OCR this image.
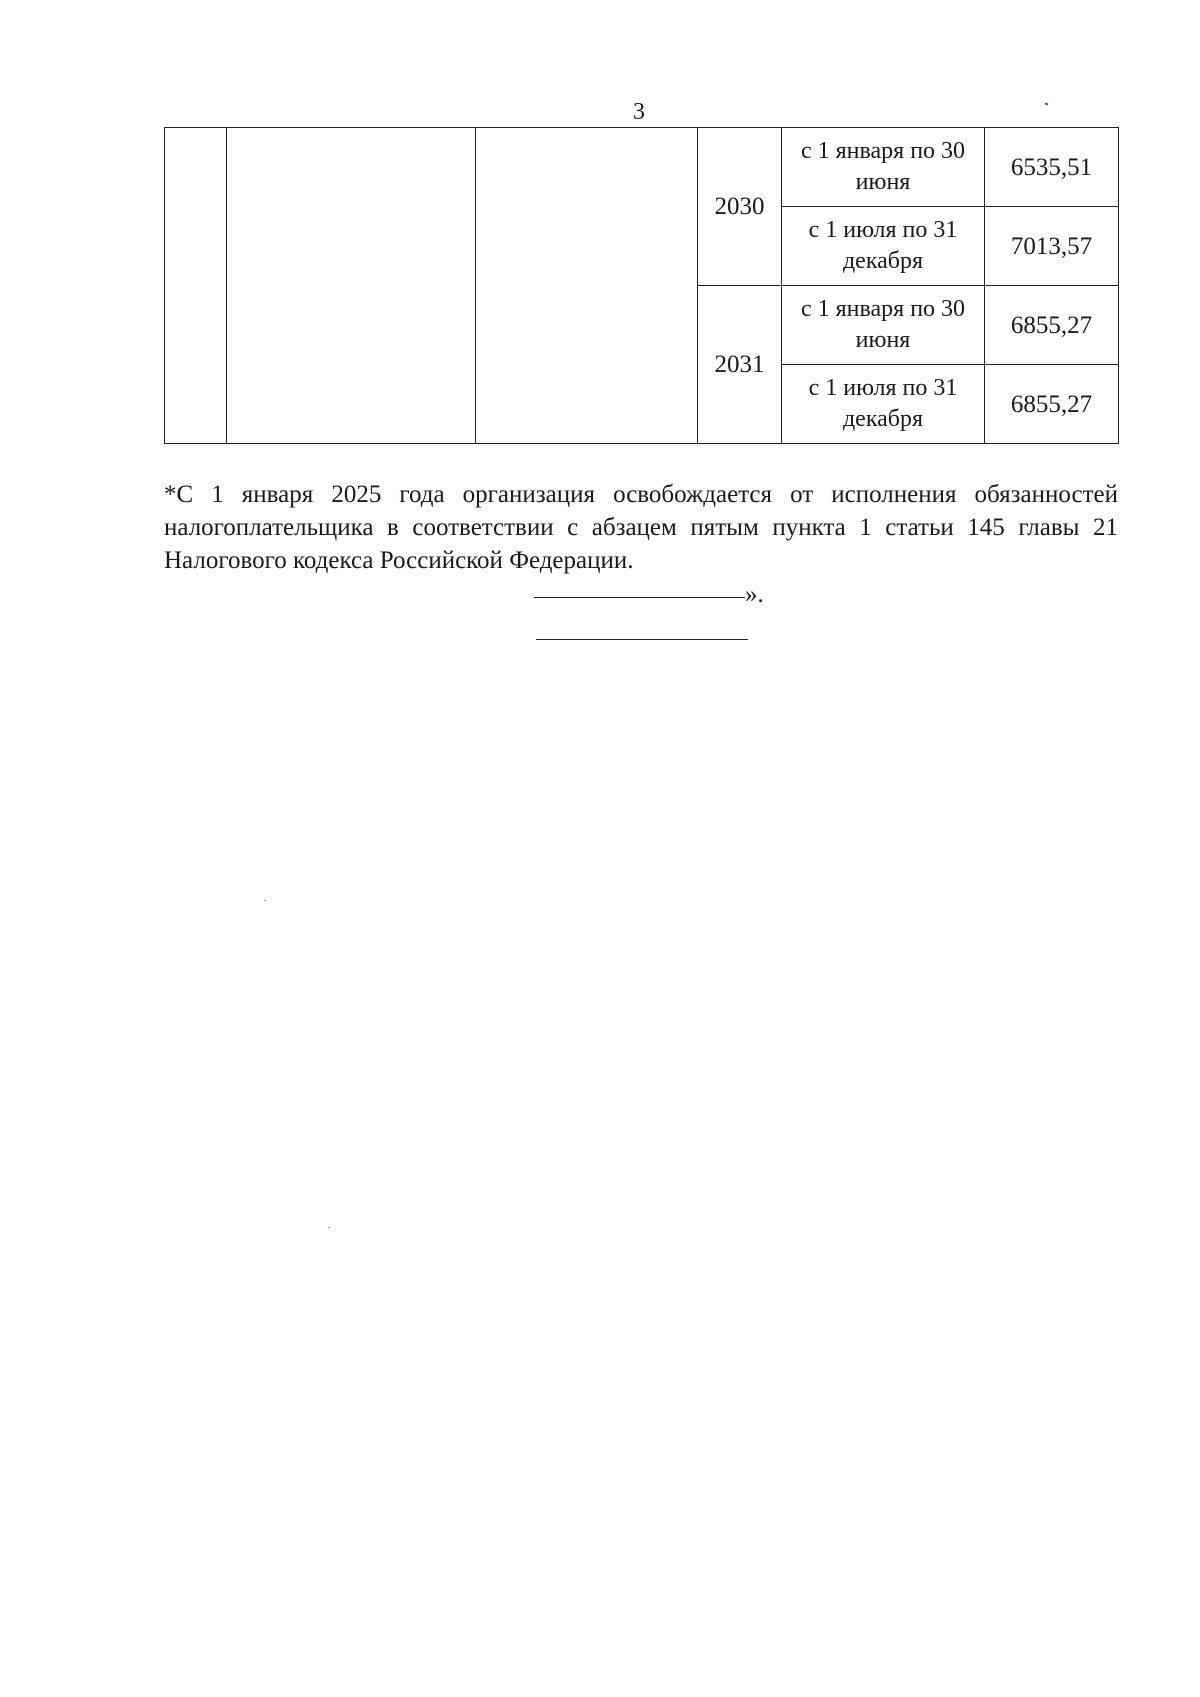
3
			2030	с 1 января по 30 июня	6535,51
				с 1 июля по 31 декабря	7013,57
			2031	с 1 января по 30 июня	6855,27
				с 1 июля по 31 декабря	6855,27
*С 1 января 2025 года организация освобождается от исполнения обязанностей налогоплательщика в соответствии с абзацем пятым пункта 1 статьи 145 главы 21 Налогового кодекса Российской Федерации.
».
